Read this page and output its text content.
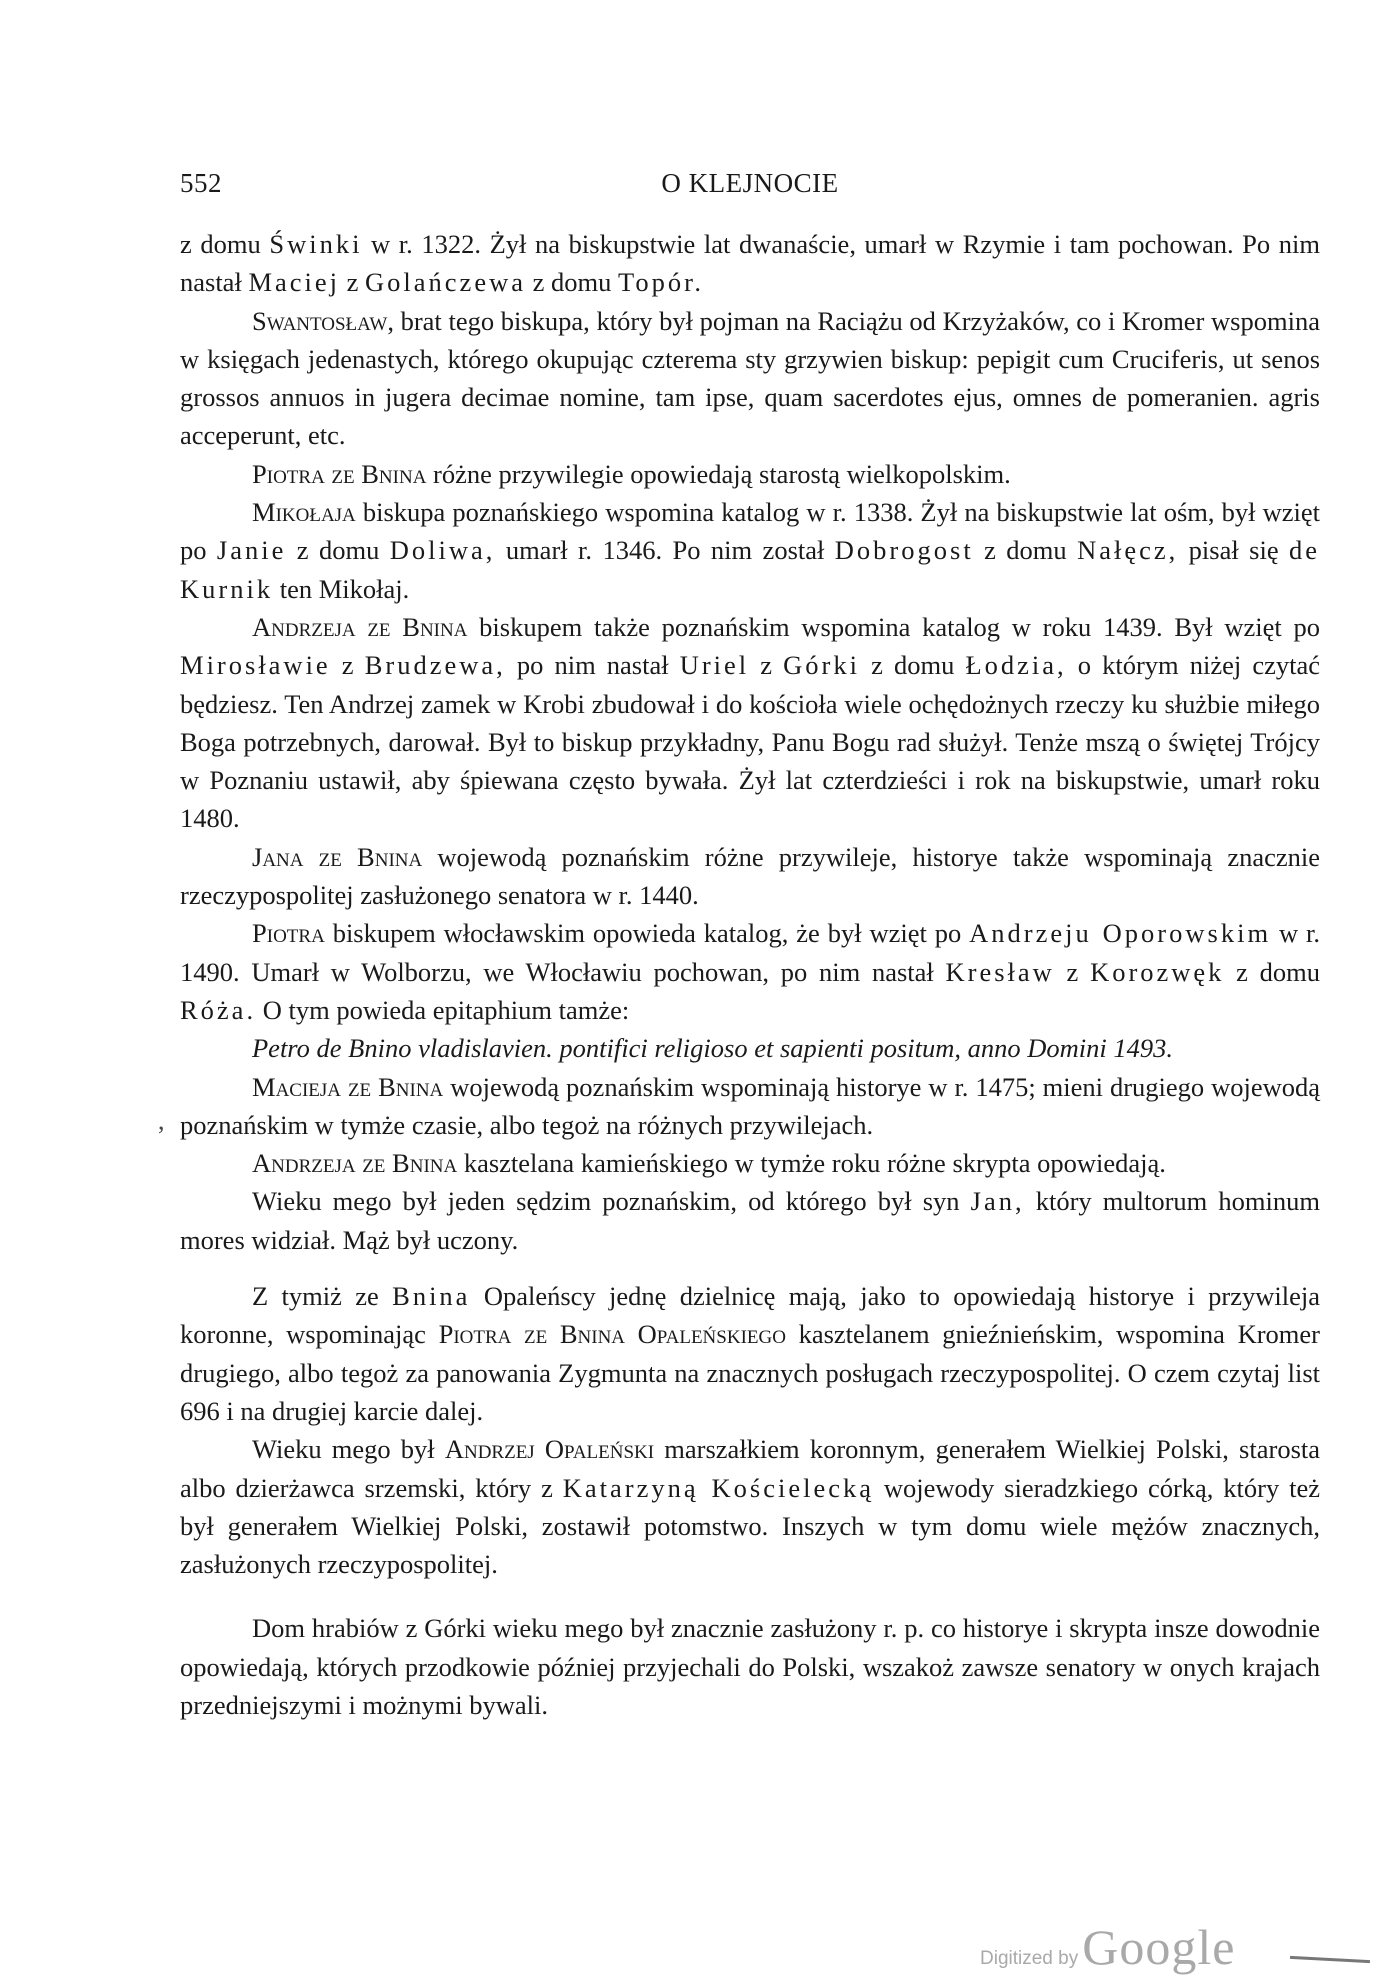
552	O KLEJNOCIE

z domu Świnki w r. 1322. Żył na biskupstwie lat dwanaście, umarł w Rzymie i tam pochowan. Po nim nastał Maciej z Golańczewa z domu Topór.

Swantosław, brat tego biskupa, który był pojman na Raciążu od Krzyżaków, co i Kromer wspomina w księgach jedenastych, którego okupując czterema sty grzywien biskup: pepigit cum Cruciferis, ut senos grossos annuos in jugera decimae nomine, tam ipse, quam sacerdotes ejus, omnes de pomeranien. agris acceperunt, etc.

Piotra ze Bnina różne przywilegie opowiedają starostą wielkopolskim.

Mikołaja biskupa poznańskiego wspomina katalog w r. 1338. Żył na biskupstwie lat ośm, był wzięt po Janie z domu Doliwa, umarł r. 1346. Po nim został Dobrogost z domu Nałęcz, pisał się de Kurnik ten Mikołaj.

Andrzeja ze Bnina biskupem także poznańskim wspomina katalog w roku 1439. Był wzięt po Mirosławie z Brudzewa, po nim nastał Uriel z Górki z domu Łodzia, o którym niżej czytać będziesz. Ten Andrzej zamek w Krobi zbudował i do kościoła wiele ochędożnych rzeczy ku służbie miłego Boga potrzebnych, darował. Był to biskup przykładny, Panu Bogu rad służył. Tenże mszą o świętej Trójcy w Poznaniu ustawił, aby śpiewana często bywała. Żył lat czterdzieści i rok na biskupstwie, umarł roku 1480.

Jana ze Bnina wojewodą poznańskim różne przywileje, historye także wspominają znacznie rzeczypospolitej zasłużonego senatora w r. 1440.

Piotra biskupem włocławskim opowieda katalog, że był wzięt po Andrzeju Oporowskim w r. 1490. Umarł w Wolborzu, we Włocławiu pochowan, po nim nastał Kresław z Korozwęk z domu Róża. O tym powieda epitaphium tamże:

Petro de Bnino vladislavien. pontifici religioso et sapienti positum, anno Domini 1493.

Macieja ze Bnina wojewodą poznańskim wspominają historye w r. 1475; mieni drugiego wojewodą poznańskim w tymże czasie, albo tegoż na różnych przywilejach.

Andrzeja ze Bnina kasztelana kamieńskiego w tymże roku różne skrypta opowiedają.

Wieku mego był jeden sędzim poznańskim, od którego był syn Jan, który multorum hominum mores widział. Mąż był uczony.

Z tymiż ze Bnina Opaleńscy jednę dzielnicę mają, jako to opowiedają historye i przywileja koronne, wspominając Piotra ze Bnina Opaleńskiego kasztelanem gnieźnieńskim, wspomina Kromer drugiego, albo tegoż za panowania Zygmunta na znacznych posługach rzeczypospolitej. O czem czytaj list 696 i na drugiej karcie dalej.

Wieku mego był Andrzej Opaleński marszałkiem koronnym, generałem Wielkiej Polski, starosta albo dzierżawca srzemski, który z Katarzyną Kościelecką wojewody sieradzkiego córką, który też był generałem Wielkiej Polski, zostawił potomstwo. Inszych w tym domu wiele mężów znacznych, zasłużonych rzeczypospolitej.

Dom hrabiów z Górki wieku mego był znacznie zasłużony r. p. co historye i skrypta insze dowodnie opowiedają, których przodkowie później przyjechali do Polski, wszakoż zawsze senatory w onych krajach przedniejszymi i możnymi bywali.

,
Digitized by Google
